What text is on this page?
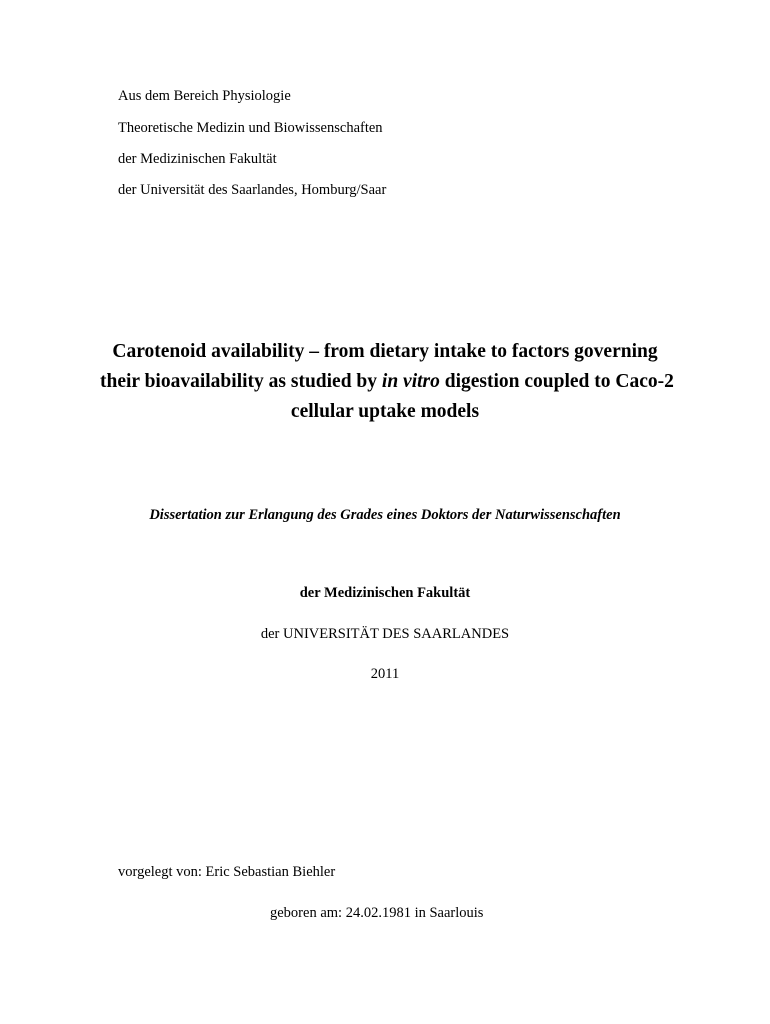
Aus dem Bereich Physiologie

Theoretische Medizin und Biowissenschaften

der Medizinischen Fakultät

der Universität des Saarlandes, Homburg/Saar

Carotenoid availability – from dietary intake to factors governing
their bioavailability as studied by in vitro digestion coupled to Caco-2
cellular uptake models

Dissertation zur Erlangung des Grades eines Doktors der Naturwissenschaften

der Medizinischen Fakultät

der UNIVERSITÄT DES SAARLANDES

2011

vorgelegt von: Eric Sebastian Biehler

geboren am: 24.02.1981 in Saarlouis
